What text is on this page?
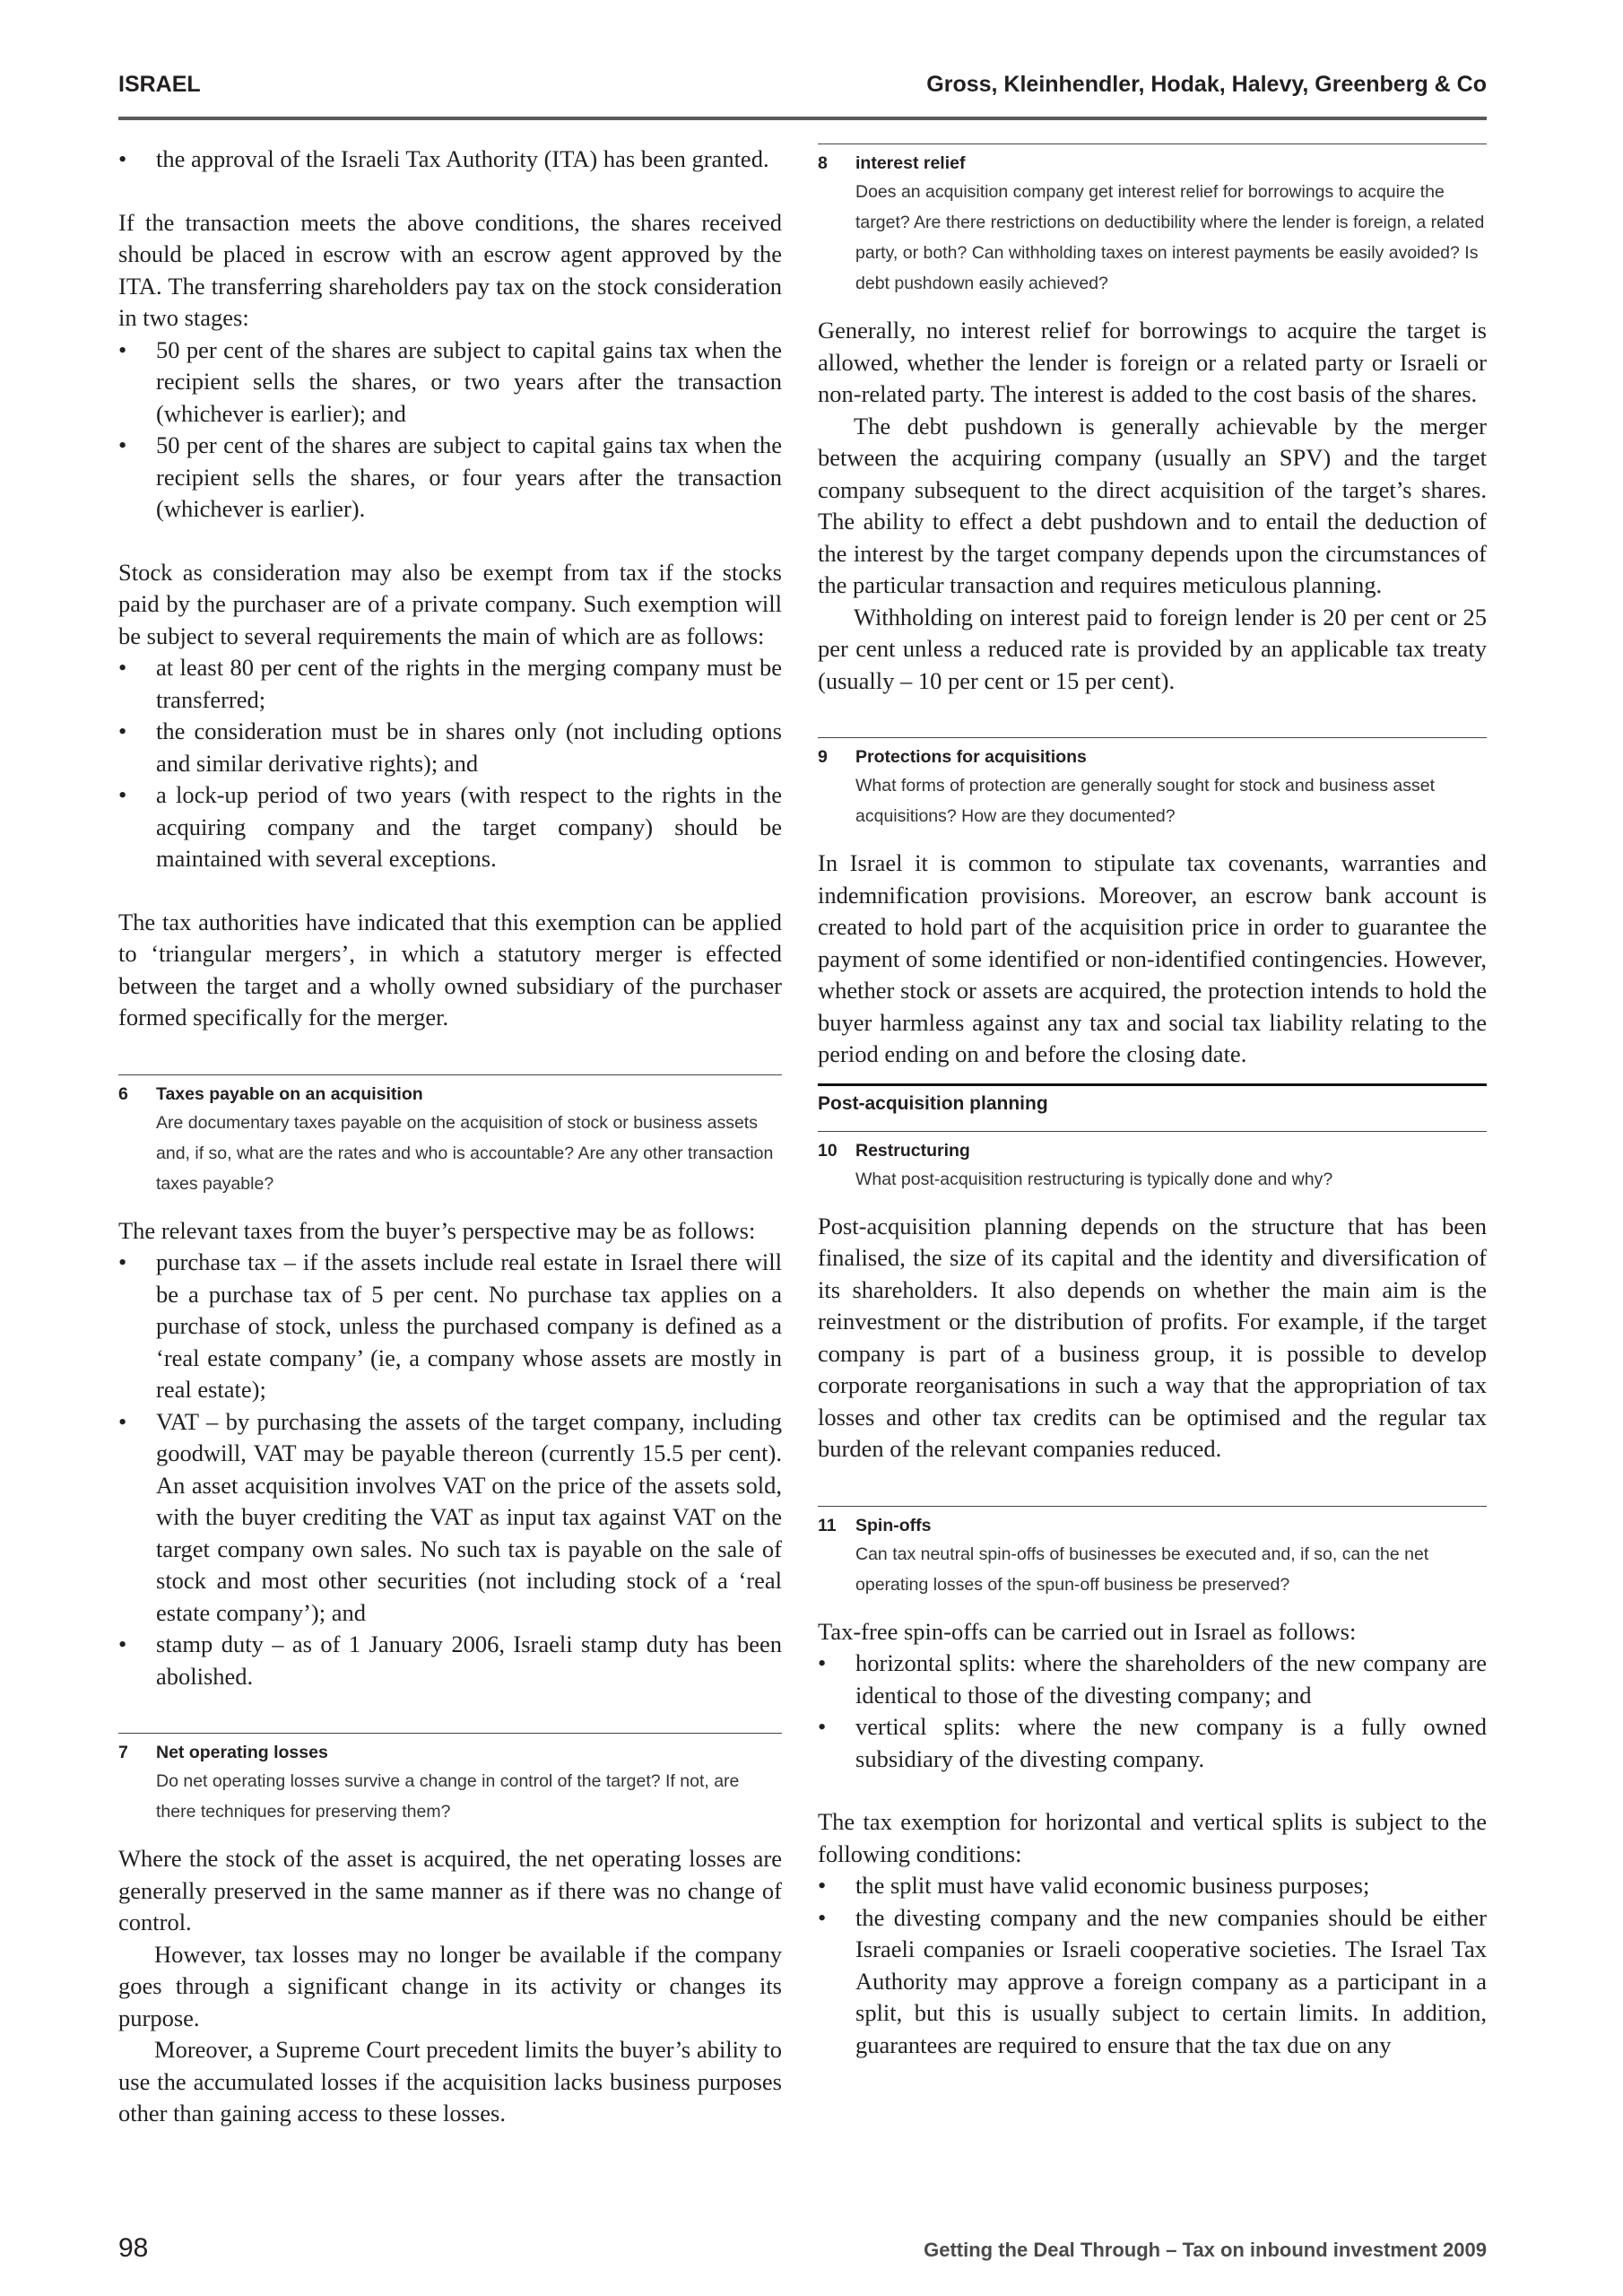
ISRAEL	Gross, Kleinhendler, Hodak, Halevy, Greenberg & Co
• the approval of the Israeli Tax Authority (ITA) has been granted.

If the transaction meets the above conditions, the shares received should be placed in escrow with an escrow agent approved by the ITA. The transferring shareholders pay tax on the stock consideration in two stages:

• 50 per cent of the shares are subject to capital gains tax when the recipient sells the shares, or two years after the transaction (whichever is earlier); and
• 50 per cent of the shares are subject to capital gains tax when the recipient sells the shares, or four years after the transaction (whichever is earlier).

Stock as consideration may also be exempt from tax if the stocks paid by the purchaser are of a private company. Such exemption will be subject to several requirements the main of which are as follows:

• at least 80 per cent of the rights in the merging company must be transferred;
• the consideration must be in shares only (not including options and similar derivative rights); and
• a lock-up period of two years (with respect to the rights in the acquiring company and the target company) should be maintained with several exceptions.

The tax authorities have indicated that this exemption can be applied to ‘triangular mergers’, in which a statutory merger is effected between the target and a wholly owned subsidiary of the purchaser formed specifically for the merger.

6 Taxes payable on an acquisition
Are documentary taxes payable on the acquisition of stock or business assets and, if so, what are the rates and who is accountable? Are any other transaction taxes payable?

The relevant taxes from the buyer’s perspective may be as follows:

• purchase tax – if the assets include real estate in Israel there will be a purchase tax of 5 per cent. No purchase tax applies on a purchase of stock, unless the purchased company is defined as a ‘real estate company’ (ie, a company whose assets are mostly in real estate);
• VAT – by purchasing the assets of the target company, including goodwill, VAT may be payable thereon (currently 15.5 per cent). An asset acquisition involves VAT on the price of the assets sold, with the buyer crediting the VAT as input tax against VAT on the target company own sales. No such tax is payable on the sale of stock and most other securities (not including stock of a ‘real estate company’); and
• stamp duty – as of 1 January 2006, Israeli stamp duty has been abolished.
7 Net operating losses
Do net operating losses survive a change in control of the target? If not, are there techniques for preserving them?

Where the stock of the asset is acquired, the net operating losses are generally preserved in the same manner as if there was no change of control.

However, tax losses may no longer be available if the company goes through a significant change in its activity or changes its purpose.

Moreover, a Supreme Court precedent limits the buyer’s ability to use the accumulated losses if the acquisition lacks business purposes other than gaining access to these losses.

8 interest relief
Does an acquisition company get interest relief for borrowings to acquire the target? Are there restrictions on deductibility where the lender is foreign, a related party, or both? Can withholding taxes on interest payments be easily avoided? Is debt pushdown easily achieved?

Generally, no interest relief for borrowings to acquire the target is allowed, whether the lender is foreign or a related party or Israeli or non-related party. The interest is added to the cost basis of the shares.

The debt pushdown is generally achievable by the merger between the acquiring company (usually an SPV) and the target company subsequent to the direct acquisition of the target’s shares. The ability to effect a debt pushdown and to entail the deduction of the interest by the target company depends upon the circumstances of the particular transaction and requires meticulous planning.

Withholding on interest paid to foreign lender is 20 per cent or 25 per cent unless a reduced rate is provided by an applicable tax treaty (usually – 10 per cent or 15 per cent).

9 Protections for acquisitions
What forms of protection are generally sought for stock and business asset acquisitions? How are they documented?

In Israel it is common to stipulate tax covenants, warranties and indemnification provisions. Moreover, an escrow bank account is created to hold part of the acquisition price in order to guarantee the payment of some identified or non-identified contingencies. However, whether stock or assets are acquired, the protection intends to hold the buyer harmless against any tax and social tax liability relating to the period ending on and before the closing date.

Post-acquisition planning
10 Restructuring
What post-acquisition restructuring is typically done and why?

Post-acquisition planning depends on the structure that has been finalised, the size of its capital and the identity and diversification of its shareholders. It also depends on whether the main aim is the reinvestment or the distribution of profits. For example, if the target company is part of a business group, it is possible to develop corporate reorganisations in such a way that the appropriation of tax losses and other tax credits can be optimised and the regular tax burden of the relevant companies reduced.

11 Spin-offs
Can tax neutral spin-offs of businesses be executed and, if so, can the net operating losses of the spun-off business be preserved?

Tax-free spin-offs can be carried out in Israel as follows:

• horizontal splits: where the shareholders of the new company are identical to those of the divesting company; and
• vertical splits: where the new company is a fully owned subsidiary of the divesting company.

The tax exemption for horizontal and vertical splits is subject to the following conditions:

• the split must have valid economic business purposes;
• the divesting company and the new companies should be either Israeli companies or Israeli cooperative societies. The Israel Tax Authority may approve a foreign company as a participant in a split, but this is usually subject to certain limits. In addition, guarantees are required to ensure that the tax due on any
98	Getting the Deal Through – Tax on inbound investment 2009
